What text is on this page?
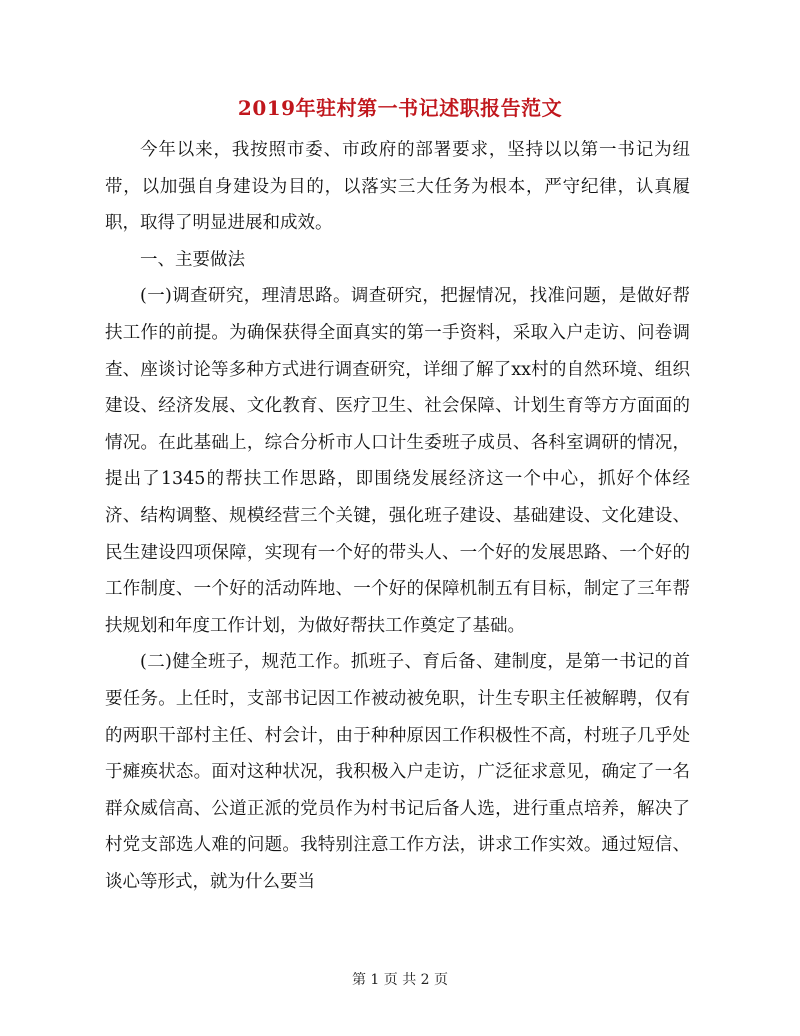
2019年驻村第一书记述职报告范文

今年以来，我按照市委、市政府的部署要求，坚持以以第一书记为纽带，以加强自身建设为目的，以落实三大任务为根本，严守纪律，认真履职，取得了明显进展和成效。

一、主要做法

(一)调查研究，理清思路。调查研究，把握情况，找准问题，是做好帮扶工作的前提。为确保获得全面真实的第一手资料，采取入户走访、问卷调查、座谈讨论等多种方式进行调查研究，详细了解了xx村的自然环境、组织建设、经济发展、文化教育、医疗卫生、社会保障、计划生育等方方面面的情况。在此基础上，综合分析市人口计生委班子成员、各科室调研的情况，提出了1345的帮扶工作思路，即围绕发展经济这一个中心，抓好个体经济、结构调整、规模经营三个关键，强化班子建设、基础建设、文化建设、民生建设四项保障，实现有一个好的带头人、一个好的发展思路、一个好的工作制度、一个好的活动阵地、一个好的保障机制五有目标，制定了三年帮扶规划和年度工作计划，为做好帮扶工作奠定了基础。

(二)健全班子，规范工作。抓班子、育后备、建制度，是第一书记的首要任务。上任时，支部书记因工作被动被免职，计生专职主任被解聘，仅有的两职干部村主任、村会计，由于种种原因工作积极性不高，村班子几乎处于瘫痪状态。面对这种状况，我积极入户走访，广泛征求意见，确定了一名群众威信高、公道正派的党员作为村书记后备人选，进行重点培养，解决了村党支部选人难的问题。我特别注意工作方法，讲求工作实效。通过短信、谈心等形式，就为什么要当

第 1 页 共 2 页
